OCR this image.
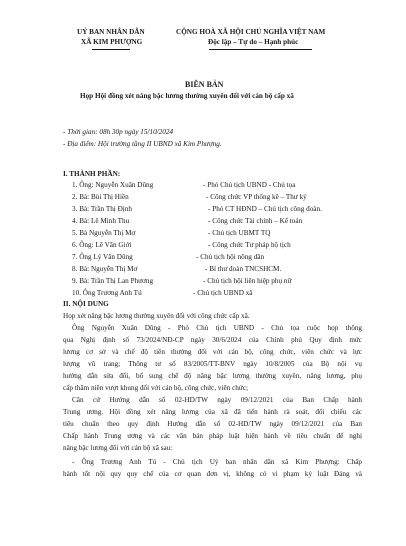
UỶ BAN NHÂN DÂN
XÃ KIM PHƯỢNG
CỘNG HOÀ XÃ HỘI CHỦ NGHĨA VIỆT NAM
Độc lập – Tự do – Hạnh phúc
BIÊN BẢN
Họp Hội đồng xét nâng bậc lương thường xuyên đối với cán bộ cấp xã
- Thời gian: 08h 30p ngày 15/10/2024
- Địa điểm: Hội trường tầng II UBND xã Kim Phượng.
I. THÀNH PHẦN:
1. Ông: Nguyễn Xuân Dũng	- Phó Chủ tịch UBND - Chủ tọa
2. Bà: Bùi Thị Hiền	- Công chức VP thống kê – Thư ký
3. Bà: Trần Thị Định	- Phó CT HĐND – Chủ tịch công đoàn.
4. Bà: Lê Minh Thu	- Công chức Tài chính – Kế toán
5. Bà Nguyễn Thị Mơ	- Chủ tịch UBMT TQ
6. Ông: Lê Văn Giới	- Công chức Tư pháp hộ tịch
7. Ông Lý Văn Dũng	- Chủ tịch hội nông dân
8. Bà: Nguyễn Thị Mơ	- Bí thư đoàn TNCSHCM.
9. Bà: Trần Thị Lan Phương	- Chủ tịch hội liên hiệp phụ nữ
10. Ông Trương Anh Tú	- Chủ tịch UBND xã
II. NỘI DUNG
Họp xét nâng bậc lương thường xuyên đối với công chức cấp xã.
Ông Nguyễn Xuân Dũng - Phó Chủ tịch UBND - Chủ tọa cuộc họp thông
qua Nghị định số 73/2024/NĐ-CP ngày 30/6/2024 của Chính phủ Quy định mức
lương cơ sở và chế độ tiền thưởng đối với cán bộ, công chức, viên chức và lực
lượng vũ trang; Thông tư số 83/2005/TT-BNV ngày 10/8/2005 của Bộ nội vụ
hướng dẫn sửa đổi, bổ sung chế độ nâng bậc lương thường xuyên, nâng lương, phụ
cấp thâm niên vượt khung đối với cán bộ, công chức, viên chức;
Căn cứ Hướng dẫn số 02-HD/TW ngày 09/12/2021 của Ban Chấp hành
Trung ương. Hội đồng xét nâng lương của xã đã tiến hành rà soát, đối chiếu các
tiêu chuẩn theo quy định Hướng dẫn số 02-HD/TW ngày 09/12/2021 của Ban
Chấp hành Trung ương và các văn bản pháp luật hiện hành về tiêu chuẩn để nghị
nâng bậc lương đối với cán bộ xã sau:
- Ông Trương Anh Tú - Chủ tịch Uỷ ban nhân dân xã Kim Phượng: Chấp
hành tốt nội quy quy chế của cơ quan đơn vị, không có vi phạm kỷ luật Đảng và
